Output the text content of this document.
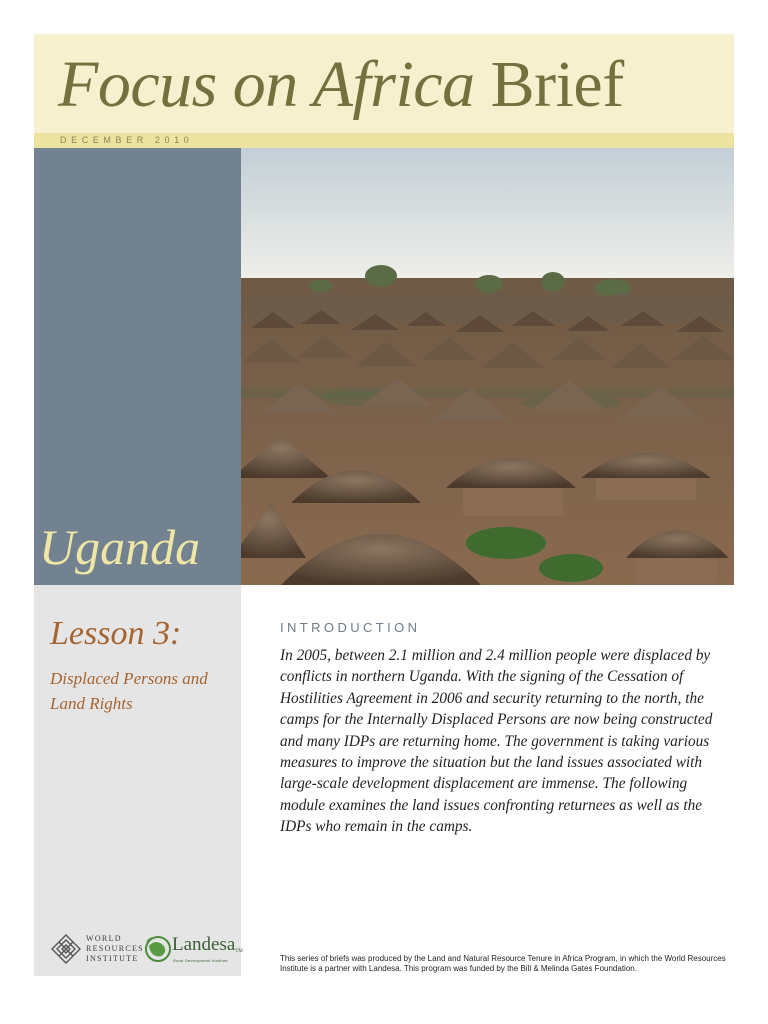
Focus on Africa Brief
DECEMBER 2010
Uganda
Lesson 3:
Displaced Persons and Land Rights
WORLD
RESOURCES
INSTITUTE
LandesaTM
Rural Development Institute
INTRODUCTION
In 2005, between 2.1 million and 2.4 million people were displaced by conflicts in northern Uganda. With the signing of the Cessation of Hostilities Agreement in 2006 and security returning to the north, the camps for the Internally Displaced Persons are now being constructed and many IDPs are returning home. The government is taking various measures to improve the situation but the land issues associated with large-scale development displacement are immense. The following module examines the land issues confronting returnees as well as the IDPs who remain in the camps.
This series of briefs was produced by the Land and Natural Resource Tenure in Africa Program, in which the World Resources Institute is a partner with Landesa. This program was funded by the Bill & Melinda Gates Foundation.
